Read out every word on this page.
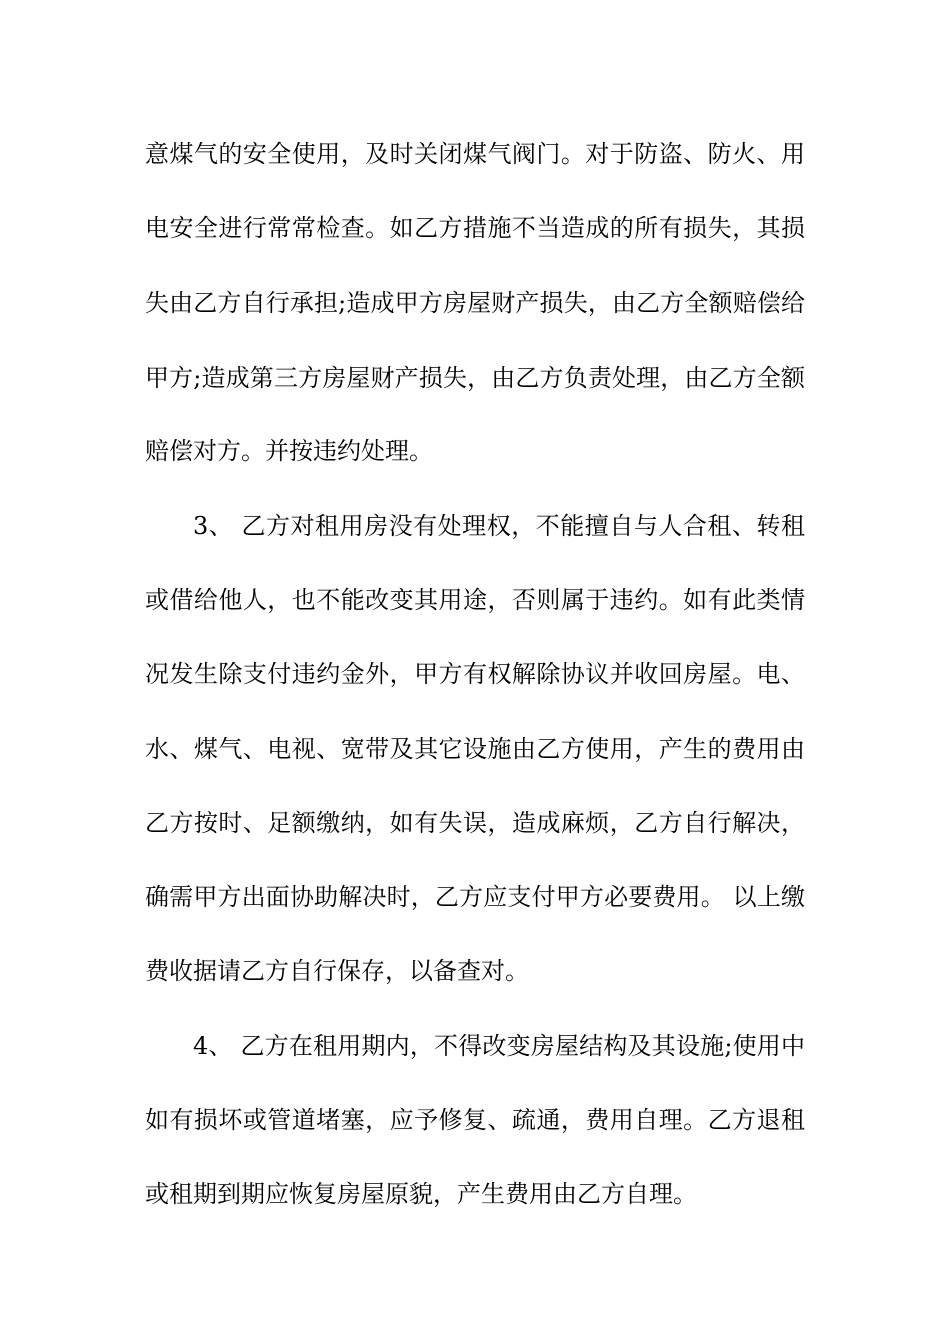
意煤气的安全使用，及时关闭煤气阀门。对于防盗、防火、用
电安全进行常常检查。如乙方措施不当造成的所有损失，其损
失由乙方自行承担;造成甲方房屋财产损失，由乙方全额赔偿给
甲方;造成第三方房屋财产损失，由乙方负责处理，由乙方全额
赔偿对方。并按违约处理。
3、 乙方对租用房没有处理权，不能擅自与人合租、转租
或借给他人，也不能改变其用途，否则属于违约。如有此类情
况发生除支付违约金外，甲方有权解除协议并收回房屋。电、
水、煤气、电视、宽带及其它设施由乙方使用，产生的费用由
乙方按时、足额缴纳，如有失误，造成麻烦，乙方自行解决，
确需甲方出面协助解决时，乙方应支付甲方必要费用。 以上缴
费收据请乙方自行保存，以备查对。
4、 乙方在租用期内，不得改变房屋结构及其设施;使用中
如有损坏或管道堵塞，应予修复、疏通，费用自理。乙方退租
或租期到期应恢复房屋原貌，产生费用由乙方自理。
